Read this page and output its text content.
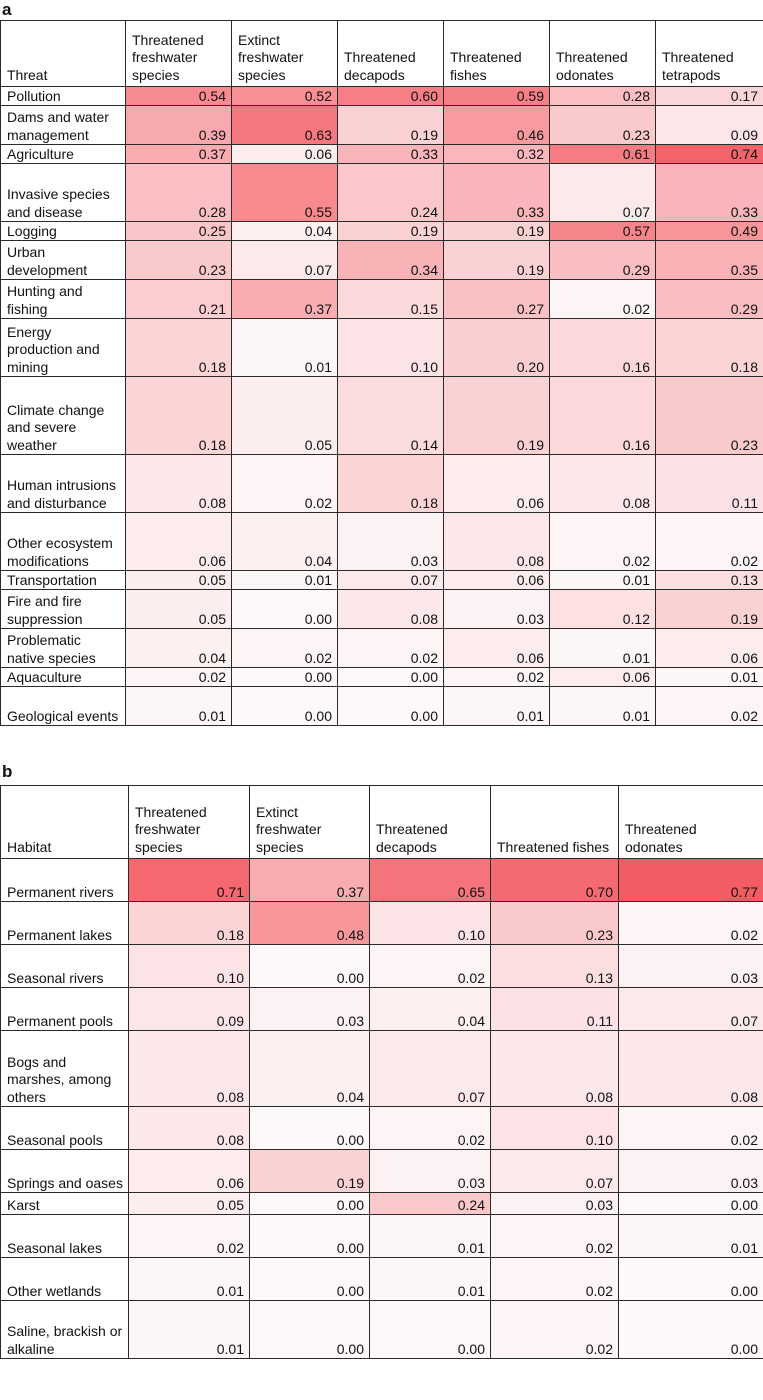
a
Threat	Threatened freshwater species	Extinct freshwater species	Threatened decapods	Threatened fishes	Threatened odonates	Threatened tetrapods
Pollution	0.54	0.52	0.60	0.59	0.28	0.17
Dams and water management	0.39	0.63	0.19	0.46	0.23	0.09
Agriculture	0.37	0.06	0.33	0.32	0.61	0.74
Invasive species and disease	0.28	0.55	0.24	0.33	0.07	0.33
Logging	0.25	0.04	0.19	0.19	0.57	0.49
Urban development	0.23	0.07	0.34	0.19	0.29	0.35
Hunting and fishing	0.21	0.37	0.15	0.27	0.02	0.29
Energy production and mining	0.18	0.01	0.10	0.20	0.16	0.18
Climate change and severe weather	0.18	0.05	0.14	0.19	0.16	0.23
Human intrusions and disturbance	0.08	0.02	0.18	0.06	0.08	0.11
Other ecosystem modifications	0.06	0.04	0.03	0.08	0.02	0.02
Transportation	0.05	0.01	0.07	0.06	0.01	0.13
Fire and fire suppression	0.05	0.00	0.08	0.03	0.12	0.19
Problematic native species	0.04	0.02	0.02	0.06	0.01	0.06
Aquaculture	0.02	0.00	0.00	0.02	0.06	0.01
Geological events	0.01	0.00	0.00	0.01	0.01	0.02
b
Habitat	Threatened freshwater species	Extinct freshwater species	Threatened decapods	Threatened fishes	Threatened odonates
Permanent rivers	0.71	0.37	0.65	0.70	0.77
Permanent lakes	0.18	0.48	0.10	0.23	0.02
Seasonal rivers	0.10	0.00	0.02	0.13	0.03
Permanent pools	0.09	0.03	0.04	0.11	0.07
Bogs and marshes, among others	0.08	0.04	0.07	0.08	0.08
Seasonal pools	0.08	0.00	0.02	0.10	0.02
Springs and oases	0.06	0.19	0.03	0.07	0.03
Karst	0.05	0.00	0.24	0.03	0.00
Seasonal lakes	0.02	0.00	0.01	0.02	0.01
Other wetlands	0.01	0.00	0.01	0.02	0.00
Saline, brackish or alkaline	0.01	0.00	0.00	0.02	0.00
